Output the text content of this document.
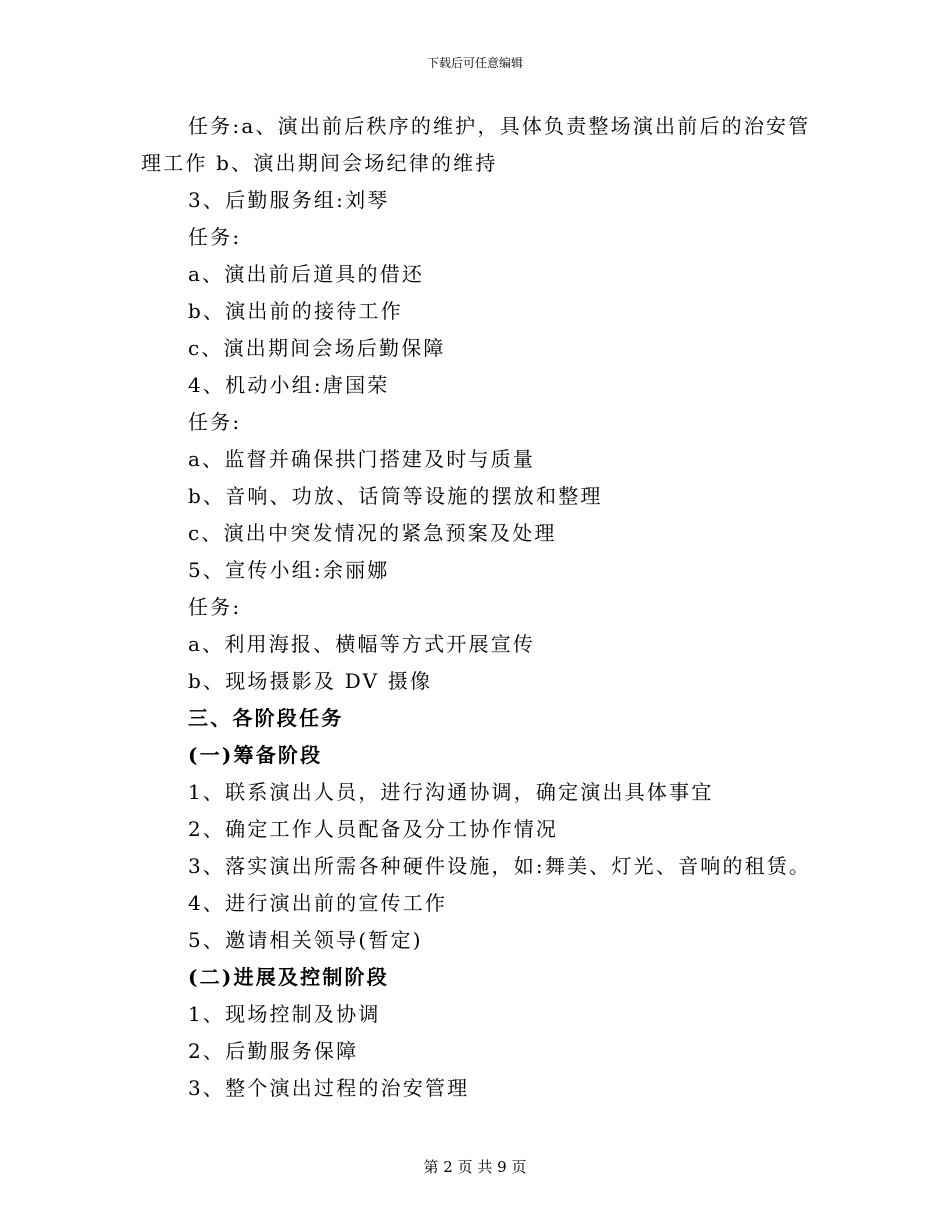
下载后可任意编辑
任务:a、演出前后秩序的维护，具体负责整场演出前后的治安管理工作 b、演出期间会场纪律的维持
3、后勤服务组:刘琴
任务:
a、演出前后道具的借还
b、演出前的接待工作
c、演出期间会场后勤保障
4、机动小组:唐国荣
任务:
a、监督并确保拱门搭建及时与质量
b、音响、功放、话筒等设施的摆放和整理
c、演出中突发情况的紧急预案及处理
5、宣传小组:余丽娜
任务:
a、利用海报、横幅等方式开展宣传
b、现场摄影及 DV 摄像
三、各阶段任务
(一)筹备阶段
1、联系演出人员，进行沟通协调，确定演出具体事宜
2、确定工作人员配备及分工协作情况
3、落实演出所需各种硬件设施，如:舞美、灯光、音响的租赁。
4、进行演出前的宣传工作
5、邀请相关领导(暂定)
(二)进展及控制阶段
1、现场控制及协调
2、后勤服务保障
3、整个演出过程的治安管理
第 2 页 共 9 页
